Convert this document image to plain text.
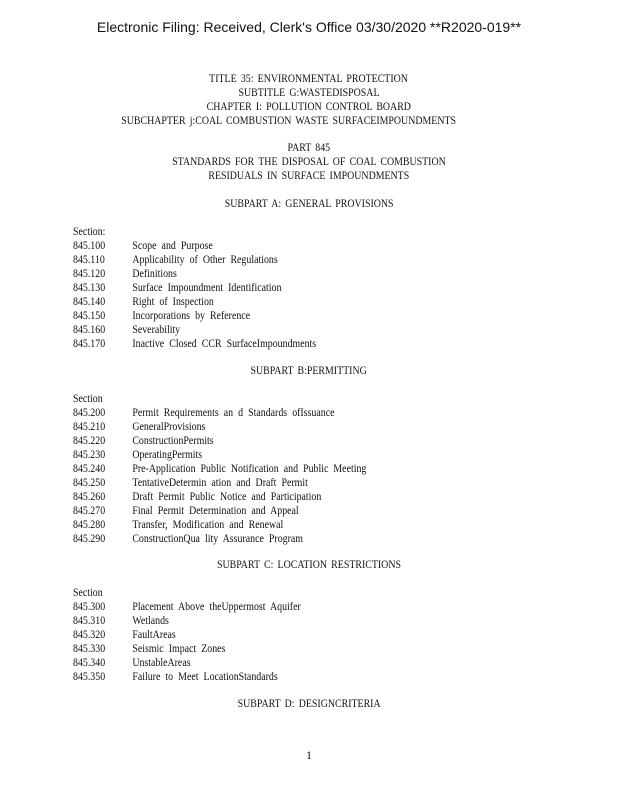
Electronic Filing: Received, Clerk's Office 03/30/2020 **R2020-019**
TITLE 35: ENVIRONMENTAL PROTECTION
SUBTITLE G:WASTEDISPOSAL
CHAPTER I: POLLUTION CONTROL BOARD
SUBCHAPTER j:COAL COMBUSTION WASTE SURFACEIMPOUNDMENTS
PART 845
STANDARDS FOR THE DISPOSAL OF COAL COMBUSTION
RESIDUALS IN SURFACE IMPOUNDMENTS
SUBPART A: GENERAL PROVISIONS
Section:
845.100 Scope and Purpose
845.110 Applicability of Other Regulations
845.120 Definitions
845.130 Surface Impoundment Identification
845.140 Right of Inspection
845.150 Incorporations by Reference
845.160 Severability
845.170 Inactive Closed CCR SurfaceImpoundments
SUBPART B:PERMITTING
Section
845.200 Permit Requirements an d Standards ofIssuance
845.210 GeneralProvisions
845.220 ConstructionPermits
845.230 OperatingPermits
845.240 Pre-Application Public Notification and Public Meeting
845.250 TentativeDetermin ation and Draft Permit
845.260 Draft Permit Public Notice and Participation
845.270 Final Permit Determination and Appeal
845.280 Transfer, Modification and Renewal
845.290 ConstructionQua lity Assurance Program
SUBPART C: LOCATION RESTRICTIONS
Section
845.300 Placement Above theUppermost Aquifer
845.310 Wetlands
845.320 FaultAreas
845.330 Seismic Impact Zones
845.340 UnstableAreas
845.350 Failure to Meet LocationStandards
SUBPART D: DESIGNCRITERIA
1
